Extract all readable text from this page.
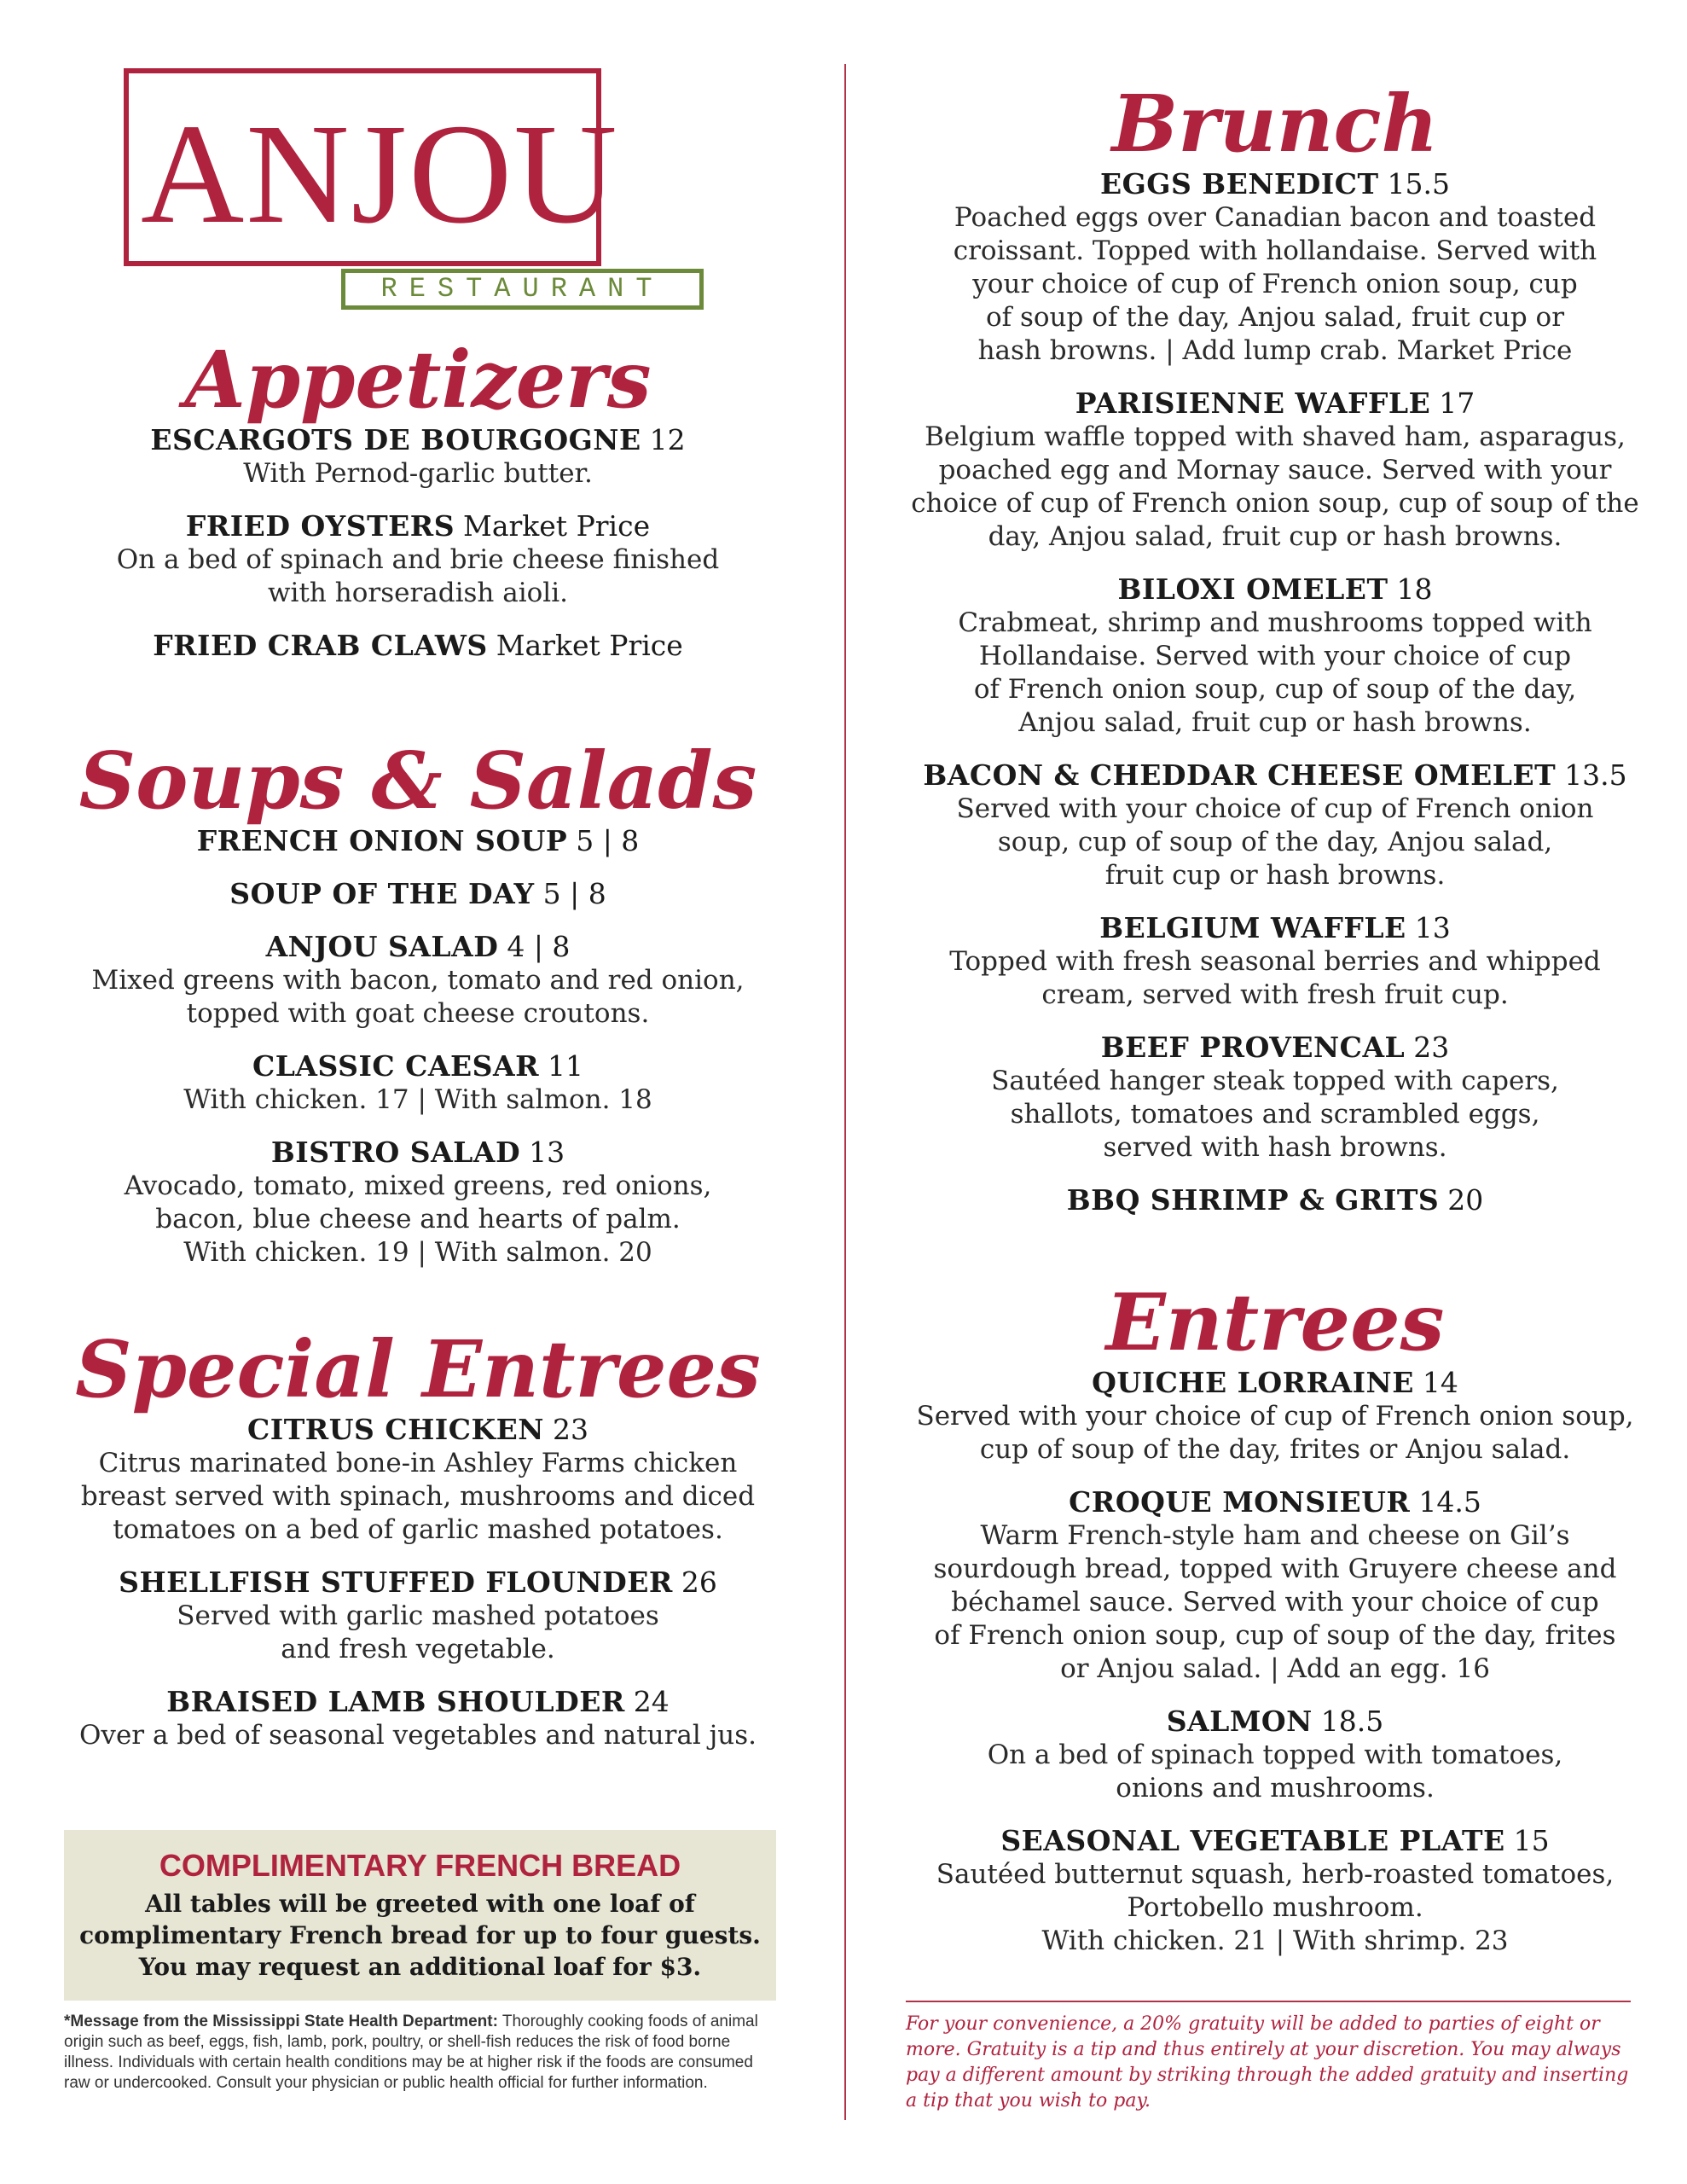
ANJOU
RESTAURANT
Appetizers
ESCARGOTS DE BOURGOGNE 12
With Pernod-garlic butter.
FRIED OYSTERS Market Price
On a bed of spinach and brie cheese finished
with horseradish aioli.
FRIED CRAB CLAWS Market Price
Soups & Salads
FRENCH ONION SOUP 5 | 8
SOUP OF THE DAY 5 | 8
ANJOU SALAD 4 | 8
Mixed greens with bacon, tomato and red onion,
topped with goat cheese croutons.
CLASSIC CAESAR 11
With chicken. 17 | With salmon. 18
BISTRO SALAD 13
Avocado, tomato, mixed greens, red onions,
bacon, blue cheese and hearts of palm.
With chicken. 19 | With salmon. 20
Special Entrees
CITRUS CHICKEN 23
Citrus marinated bone-in Ashley Farms chicken
breast served with spinach, mushrooms and diced
tomatoes on a bed of garlic mashed potatoes.
SHELLFISH STUFFED FLOUNDER 26
Served with garlic mashed potatoes
and fresh vegetable.
BRAISED LAMB SHOULDER 24
Over a bed of seasonal vegetables and natural jus.
Brunch
EGGS BENEDICT 15.5
Poached eggs over Canadian bacon and toasted
croissant. Topped with hollandaise. Served with
your choice of cup of French onion soup, cup
of soup of the day, Anjou salad, fruit cup or
hash browns. | Add lump crab. Market Price
PARISIENNE WAFFLE 17
Belgium waffle topped with shaved ham, asparagus,
poached egg and Mornay sauce. Served with your
choice of cup of French onion soup, cup of soup of the
day, Anjou salad, fruit cup or hash browns.
BILOXI OMELET 18
Crabmeat, shrimp and mushrooms topped with
Hollandaise. Served with your choice of cup
of French onion soup, cup of soup of the day,
Anjou salad, fruit cup or hash browns.
BACON & CHEDDAR CHEESE OMELET 13.5
Served with your choice of cup of French onion
soup, cup of soup of the day, Anjou salad,
fruit cup or hash browns.
BELGIUM WAFFLE 13
Topped with fresh seasonal berries and whipped
cream, served with fresh fruit cup.
BEEF PROVENCAL 23
Sautéed hanger steak topped with capers,
shallots, tomatoes and scrambled eggs,
served with hash browns.
BBQ SHRIMP & GRITS 20
Entrees
QUICHE LORRAINE 14
Served with your choice of cup of French onion soup,
cup of soup of the day, frites or Anjou salad.
CROQUE MONSIEUR 14.5
Warm French-style ham and cheese on Gil’s
sourdough bread, topped with Gruyere cheese and
béchamel sauce. Served with your choice of cup
of French onion soup, cup of soup of the day, frites
or Anjou salad. | Add an egg. 16
SALMON 18.5
On a bed of spinach topped with tomatoes,
onions and mushrooms.
SEASONAL VEGETABLE PLATE 15
Sautéed butternut squash, herb-roasted tomatoes,
Portobello mushroom.
With chicken. 21 | With shrimp. 23
COMPLIMENTARY FRENCH BREAD
All tables will be greeted with one loaf of
complimentary French bread for up to four guests.
You may request an additional loaf for $3.
*Message from the Mississippi State Health Department: Thoroughly cooking foods of animal origin such as beef, eggs, fish, lamb, pork, poultry, or shell-fish reduces the risk of food borne illness. Individuals with certain health conditions may be at higher risk if the foods are consumed raw or undercooked. Consult your physician or public health official for further information.
For your convenience, a 20% gratuity will be added to parties of eight or more. Gratuity is a tip and thus entirely at your discretion. You may always pay a different amount by striking through the added gratuity and inserting a tip that you wish to pay.
